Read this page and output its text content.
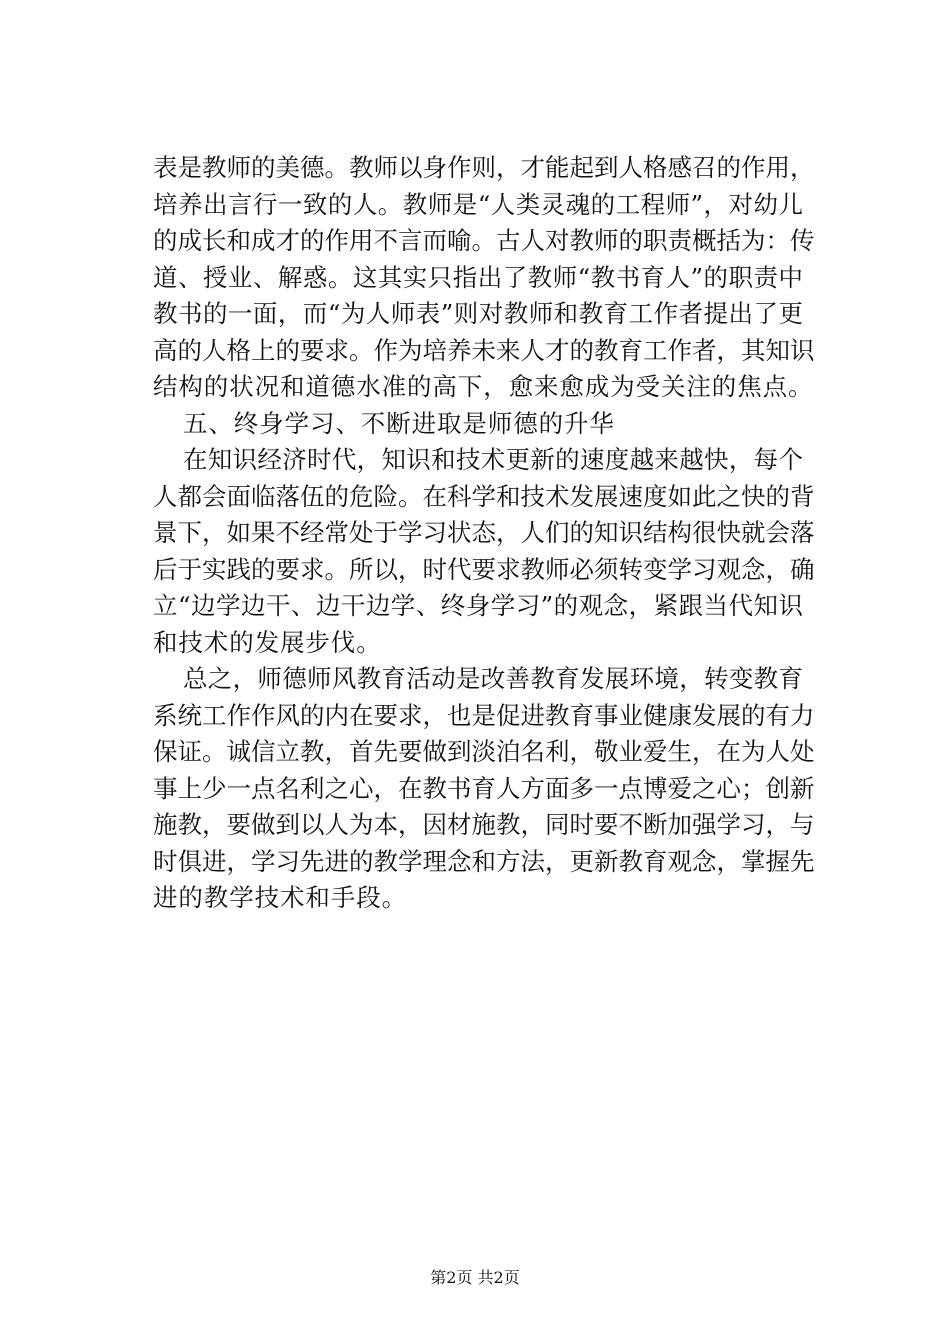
表是教师的美德。教师以身作则，才能起到人格感召的作用，
培养出言行一致的人。教师是“人类灵魂的工程师”，对幼儿
的成长和成才的作用不言而喻。古人对教师的职责概括为：传
道、授业、解惑。这其实只指出了教师“教书育人”的职责中
教书的一面，而“为人师表”则对教师和教育工作者提出了更
高的人格上的要求。作为培养未来人才的教育工作者，其知识
结构的状况和道德水准的高下，愈来愈成为受关注的焦点。
五、终身学习、不断进取是师德的升华
在知识经济时代，知识和技术更新的速度越来越快，每个
人都会面临落伍的危险。在科学和技术发展速度如此之快的背
景下，如果不经常处于学习状态，人们的知识结构很快就会落
后于实践的要求。所以，时代要求教师必须转变学习观念，确
立“边学边干、边干边学、终身学习”的观念，紧跟当代知识
和技术的发展步伐。
总之，师德师风教育活动是改善教育发展环境，转变教育
系统工作作风的内在要求，也是促进教育事业健康发展的有力
保证。诚信立教，首先要做到淡泊名利，敬业爱生，在为人处
事上少一点名利之心，在教书育人方面多一点博爱之心；创新
施教，要做到以人为本，因材施教，同时要不断加强学习，与
时俱进，学习先进的教学理念和方法，更新教育观念，掌握先
进的教学技术和手段。
第2页 共2页
